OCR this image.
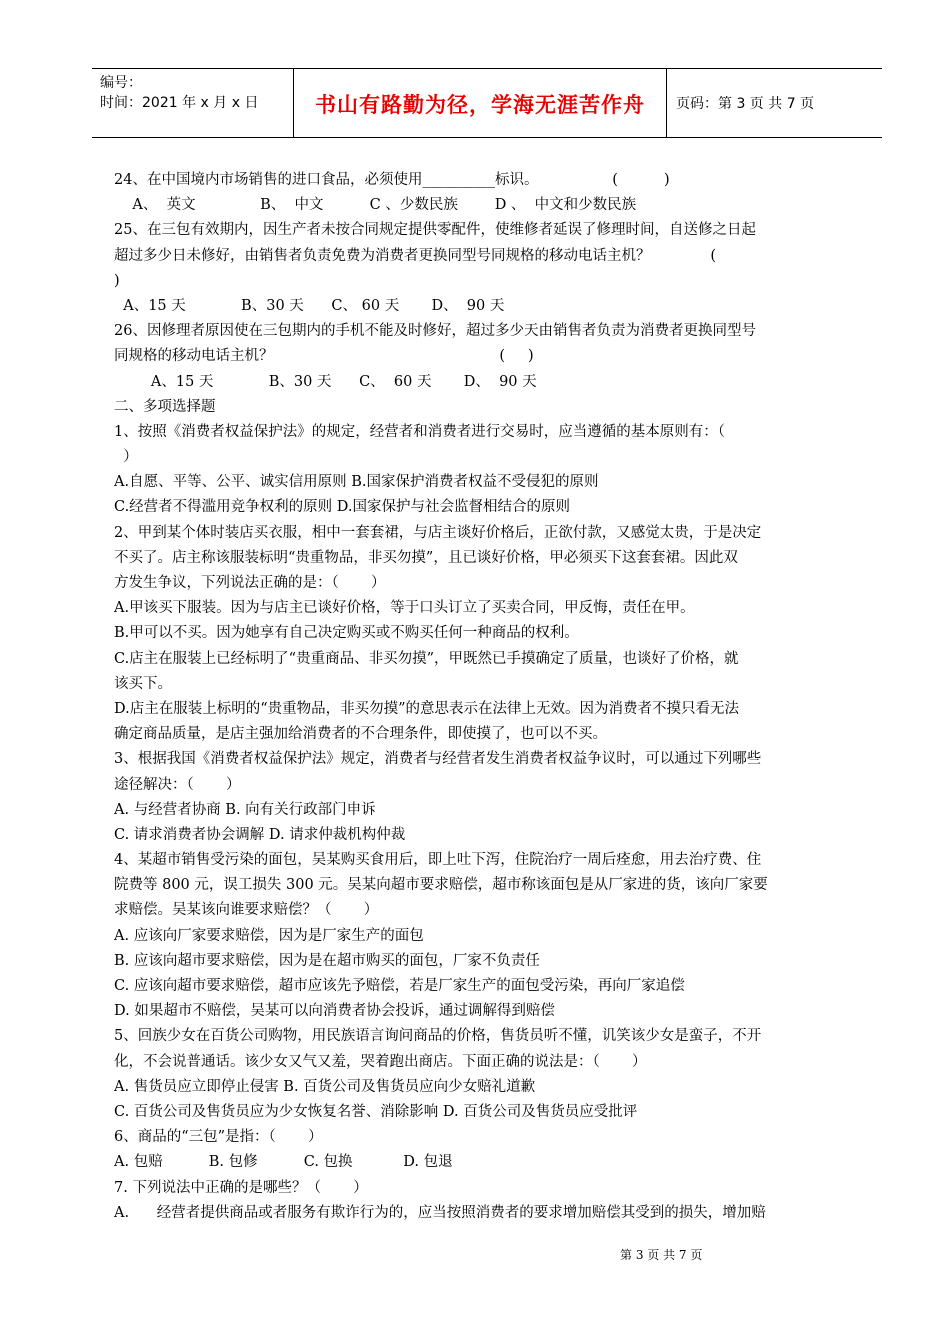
编号：
时间：2021 年 x 月 x 日	书山有路勤为径，学海无涯苦作舟	页码：第 3 页 共 7 页
24、在中国境内市场销售的进口食品，必须使用__________标识。                (          )
A、  英文              B、  中文          C 、少数民族        D 、  中文和少数民族
25、在三包有效期内，因生产者未按合同规定提供零配件，使维修者延误了修理时间，自送修之日起
超过多少日未修好，由销售者负责免费为消费者更换同型号同规格的移动电话主机？             (
)
A、15 天            B、30 天      C、 60 天       D、  90 天
26、因修理者原因使在三包期内的手机不能及时修好，超过多少天由销售者负责为消费者更换同型号
同规格的移动电话主机？                                                 (     )
A、15 天            B、30 天      C、  60 天       D、  90 天
二、多项选择题
1、按照《消费者权益保护法》的规定，经营者和消费者进行交易时，应当遵循的基本原则有：（
）
A.自愿、平等、公平、诚实信用原则 B.国家保护消费者权益不受侵犯的原则
C.经营者不得滥用竞争权利的原则 D.国家保护与社会监督相结合的原则
2、甲到某个体时装店买衣服，相中一套套裙，与店主谈好价格后，正欲付款，又感觉太贵，于是决定
不买了。店主称该服装标明“贵重物品，非买勿摸”，且已谈好价格，甲必须买下这套套裙。因此双
方发生争议，下列说法正确的是：（       ）
A.甲该买下服装。因为与店主已谈好价格，等于口头订立了买卖合同，甲反悔，责任在甲。
B.甲可以不买。因为她享有自己决定购买或不购买任何一种商品的权利。
C.店主在服装上已经标明了“贵重商品、非买勿摸”，甲既然已手摸确定了质量，也谈好了价格，就
该买下。
D.店主在服装上标明的“贵重物品，非买勿摸”的意思表示在法律上无效。因为消费者不摸只看无法
确定商品质量，是店主强加给消费者的不合理条件，即使摸了，也可以不买。
3、根据我国《消费者权益保护法》规定，消费者与经营者发生消费者权益争议时，可以通过下列哪些
途径解决：（       ）
A. 与经营者协商 B. 向有关行政部门申诉
C. 请求消费者协会调解 D. 请求仲裁机构仲裁
4、某超市销售受污染的面包，吴某购买食用后，即上吐下泻，住院治疗一周后痊愈，用去治疗费、住
院费等 800 元，误工损失 300 元。吴某向超市要求赔偿，超市称该面包是从厂家进的货，该向厂家要
求赔偿。吴某该向谁要求赔偿？（       ）
A. 应该向厂家要求赔偿，因为是厂家生产的面包
B. 应该向超市要求赔偿，因为是在超市购买的面包，厂家不负责任
C. 应该向超市要求赔偿，超市应该先予赔偿，若是厂家生产的面包受污染，再向厂家追偿
D. 如果超市不赔偿，吴某可以向消费者协会投诉，通过调解得到赔偿
5、回族少女在百货公司购物，用民族语言询问商品的价格，售货员听不懂，讥笑该少女是蛮子，不开
化，不会说普通话。该少女又气又羞，哭着跑出商店。下面正确的说法是：（       ）
A. 售货员应立即停止侵害 B. 百货公司及售货员应向少女赔礼道歉
C. 百货公司及售货员应为少女恢复名誉、消除影响 D. 百货公司及售货员应受批评
6、商品的“三包”是指：（       ）
A. 包赔          B. 包修          C. 包换           D. 包退
7. 下列说法中正确的是哪些？（       ）
A.      经营者提供商品或者服务有欺诈行为的，应当按照消费者的要求增加赔偿其受到的损失，增加赔
第 3 页 共 7 页
